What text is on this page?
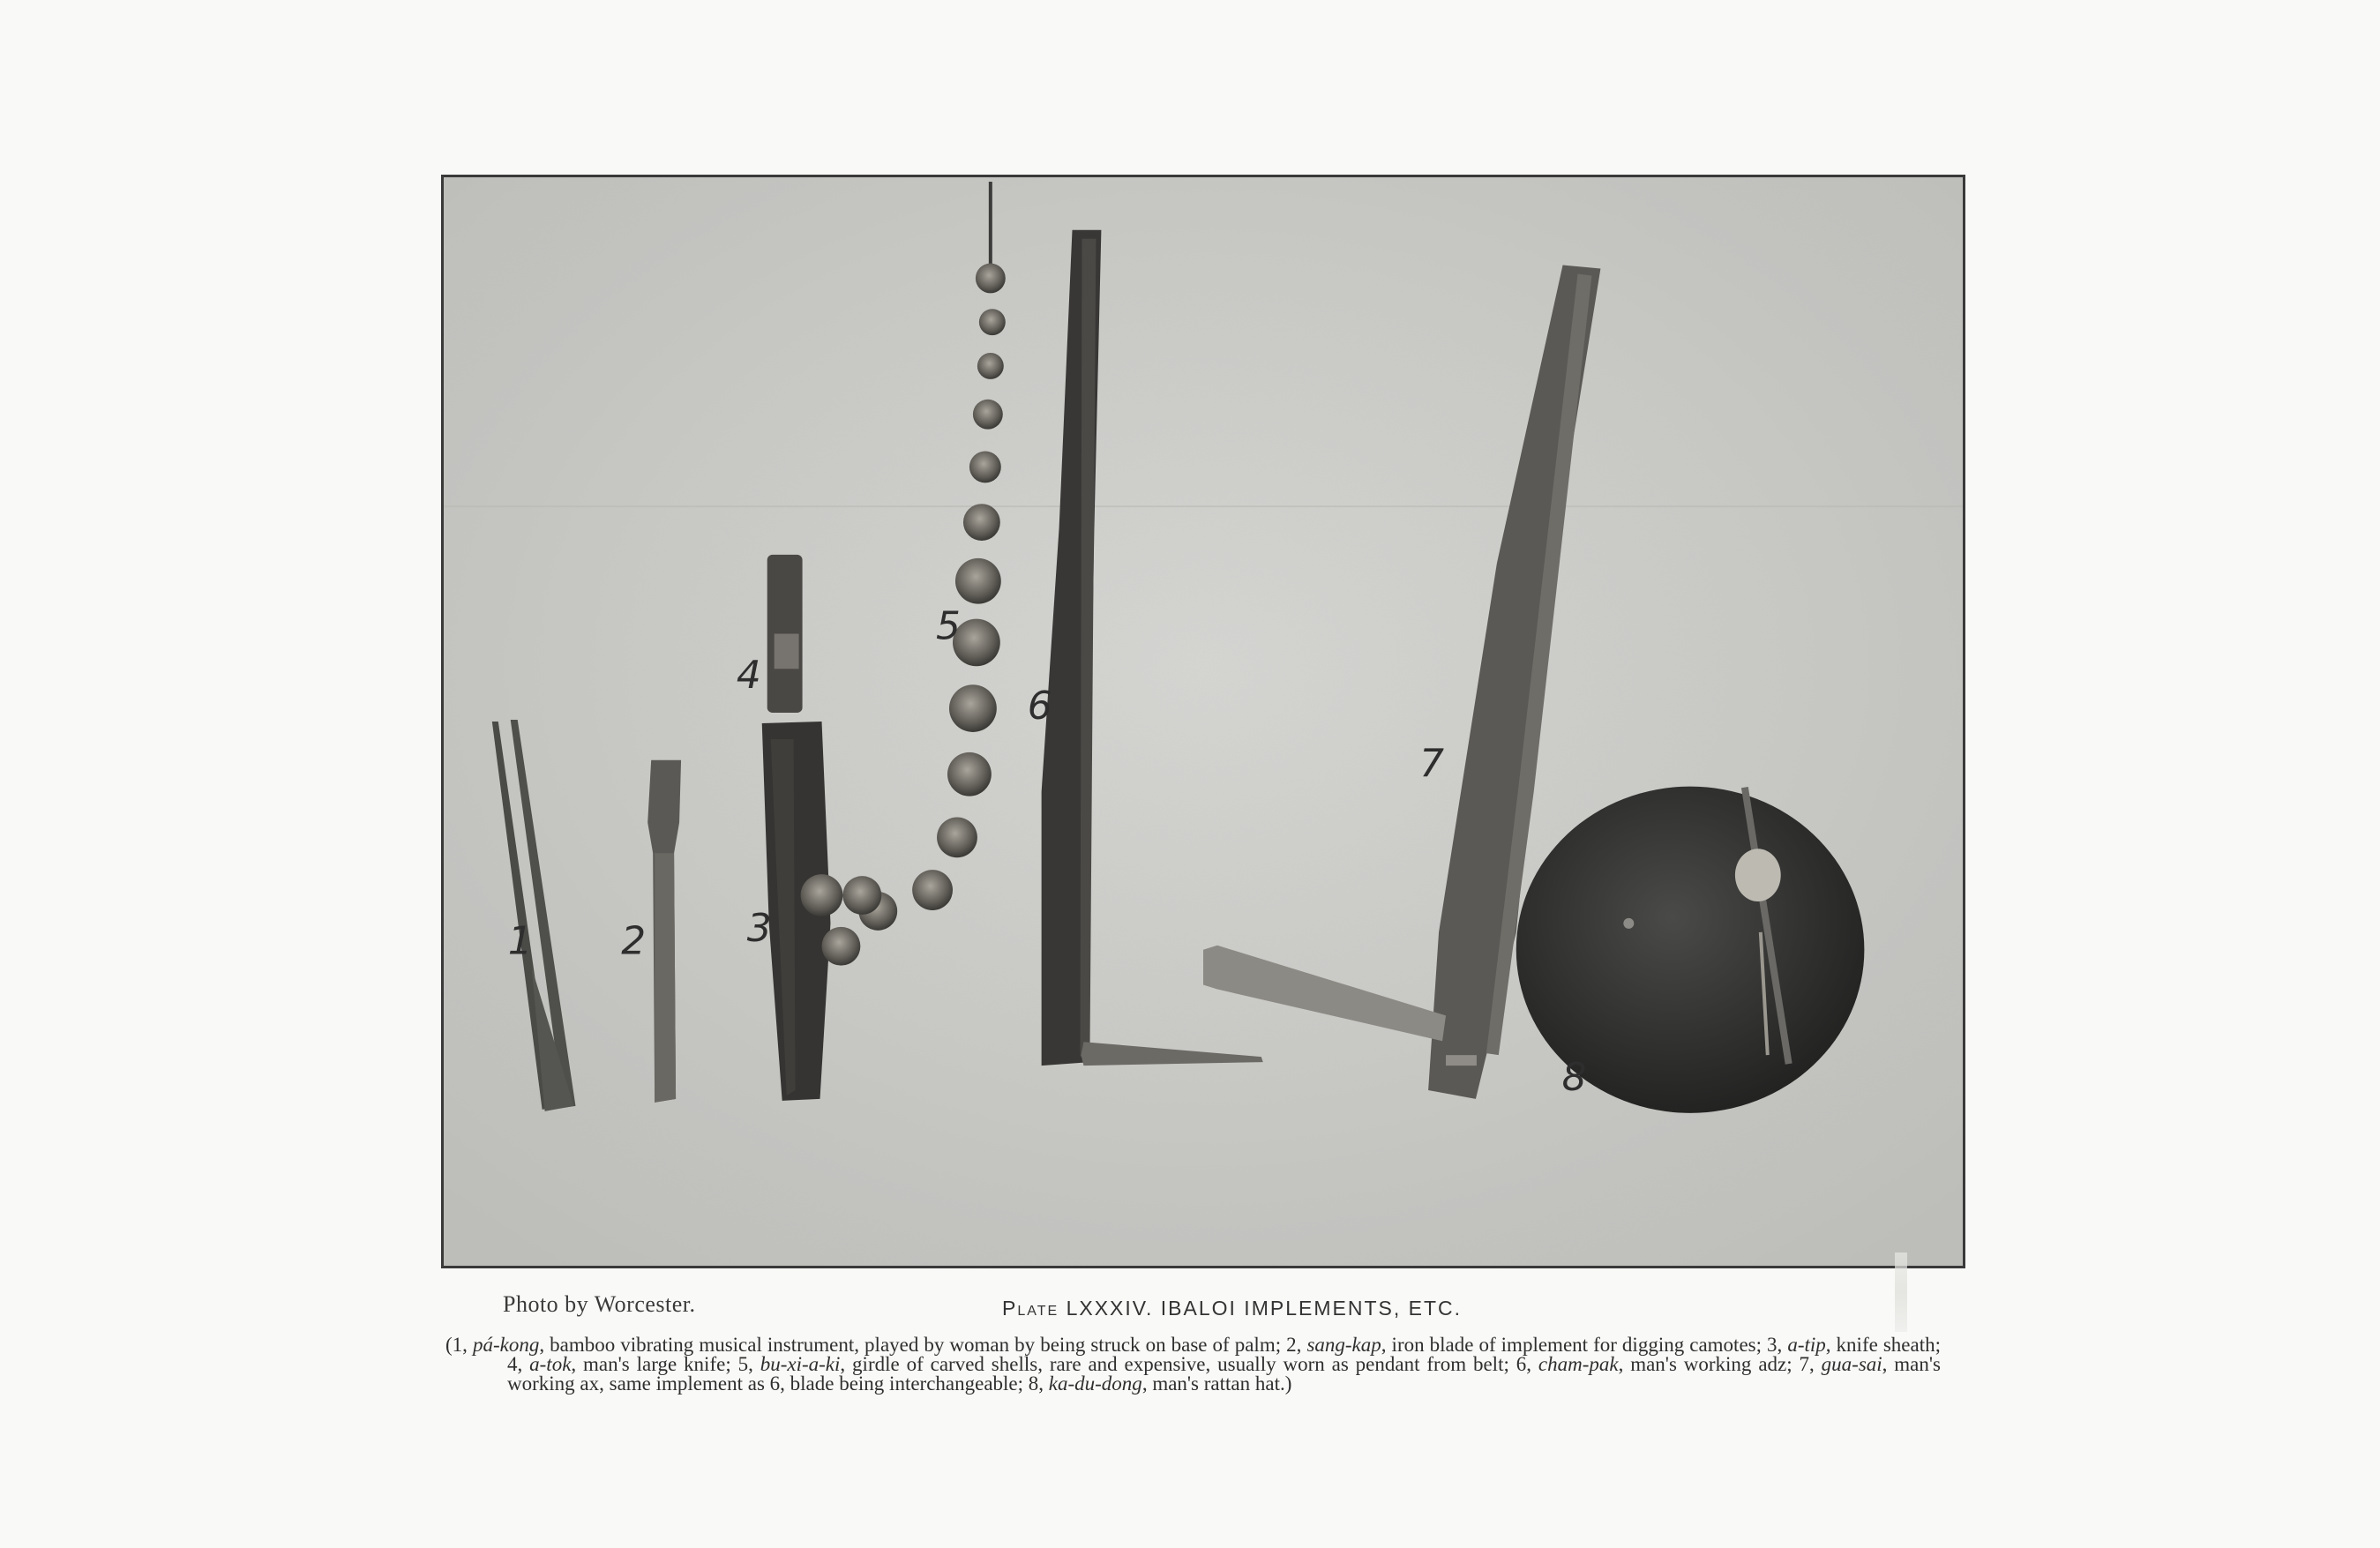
1 2	3
4
5
6
7
8
Photo by Worcester.	Plate LXXXIV. IBALOI IMPLEMENTS, ETC.
(1, pá-kong, bamboo vibrating musical instrument, played by woman by being struck on base of palm; 2, sang-kap, iron blade of implement for digging camotes; 3, a-tip, knife sheath; 4, a-tok, man's large knife; 5, bu-xi-a-ki, girdle of carved shells, rare and expensive, usually worn as pendant from belt; 6, cham-pak, man's working adz; 7, gua-sai, man's working ax, same implement as 6, blade being interchangeable; 8, ka-du-dong, man's rattan hat.)
